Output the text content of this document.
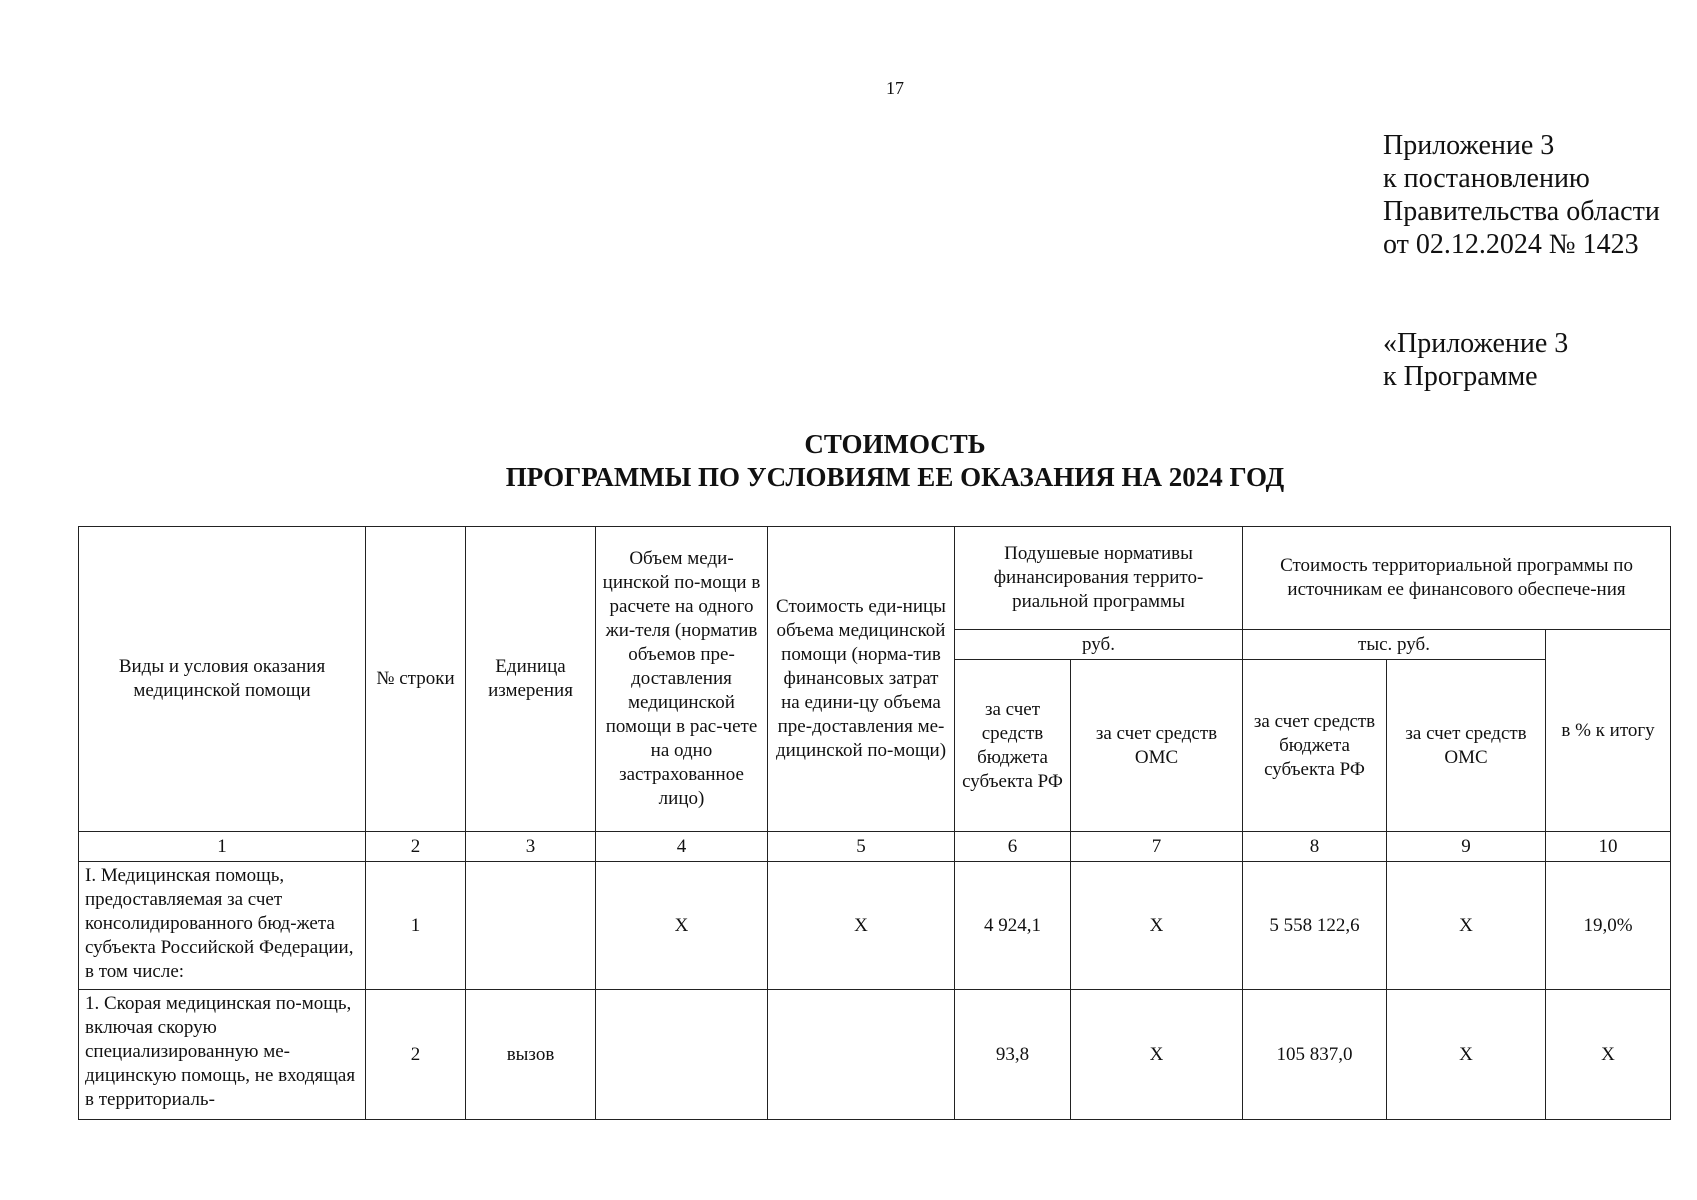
17
Приложение 3
к постановлению
Правительства области
от 02.12.2024 № 1423
«Приложение 3
к Программе
СТОИМОСТЬ
ПРОГРАММЫ ПО УСЛОВИЯМ ЕЕ ОКАЗАНИЯ НА 2024 ГОД
Виды и условия оказания медицинской помощи	№ строки	Единица измерения	Объем меди-цинской по-мощи в расчете на одного жи-теля (норматив объемов пре-доставления медицинской помощи в рас-чете на одно застрахованное лицо)	Стоимость еди-ницы объема медицинской помощи (норма-тив финансовых затрат на едини-цу объема пре-доставления ме-дицинской по-мощи)	Подушевые нормативы финансирования террито-риальной программы		Стоимость территориальной программы по источникам ее финансового обеспече-ния		
					руб.		тыс. руб.		в % к итогу
					за счет средств бюджета субъекта РФ	за счет средств ОМС	за счет средств бюджета субъекта РФ	за счет средств ОМС	
1	2	3	4	5	6	7	8	9	10
I. Медицинская помощь, предоставляемая за счет консолидированного бюд-жета субъекта Российской Федерации, в том числе:	1		Х	Х	4 924,1	Х	5 558 122,6	Х	19,0%
1. Скорая медицинская по-мощь, включая скорую специализированную ме-дицинскую помощь, не входящая в территориаль-	2	вызов			93,8	Х	105 837,0	Х	Х
